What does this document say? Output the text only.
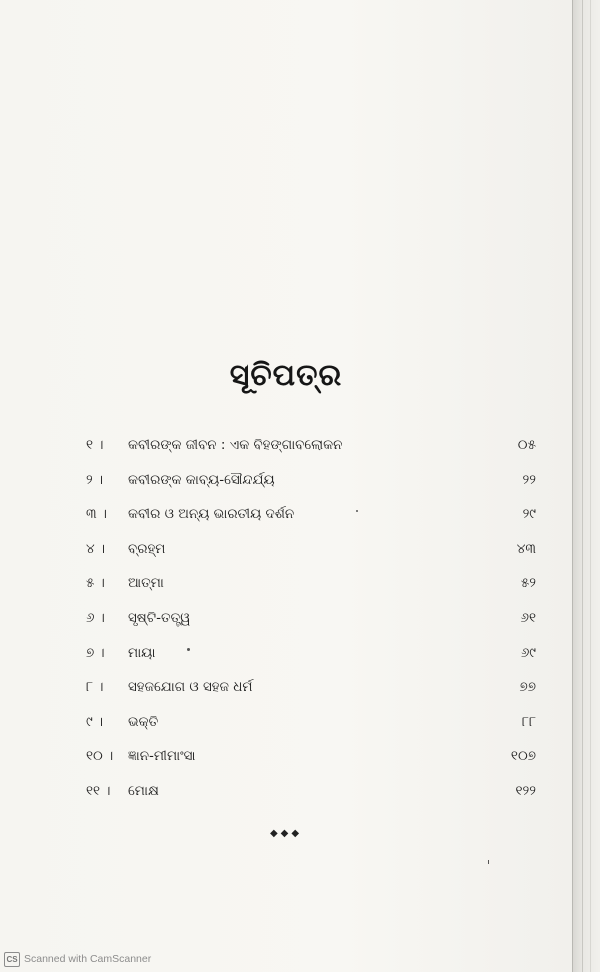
ସୂଚିପତ୍ର
୧ ।	କବୀରଙ୍କ ଜୀବନ : ଏକ ବିହଙ୍ଗାବଲୋକନ	୦୫
୨ ।	କବୀରଙ୍କ କାବ୍ୟ-ସୌନ୍ଦର୍ଯ୍ୟ	୨୨
୩ ।	କବୀର ଓ ଅନ୍ୟ ଭାରତୀୟ ଦର୍ଶନ	୨୯
୪ ।	ବ୍ରହ୍ମ	୪୩
୫ ।	ଆତ୍ମା	୫୨
୬ ।	ସୃଷ୍ଟି-ତତ୍ତ୍ୱ	୬୧
୭ ।	ମାୟା	୬୯
୮ ।	ସହଜଯୋଗ ଓ ସହଜ ଧର୍ମ	୭୭
୯ ।	ଭକ୍ତି	୮୮
୧୦ ।	ଜ୍ଞାନ-ମୀମାଂସା	୧୦୭
୧୧ ।	ମୋକ୍ଷ	୧୨୨
◆◆◆
CS Scanned with CamScanner
